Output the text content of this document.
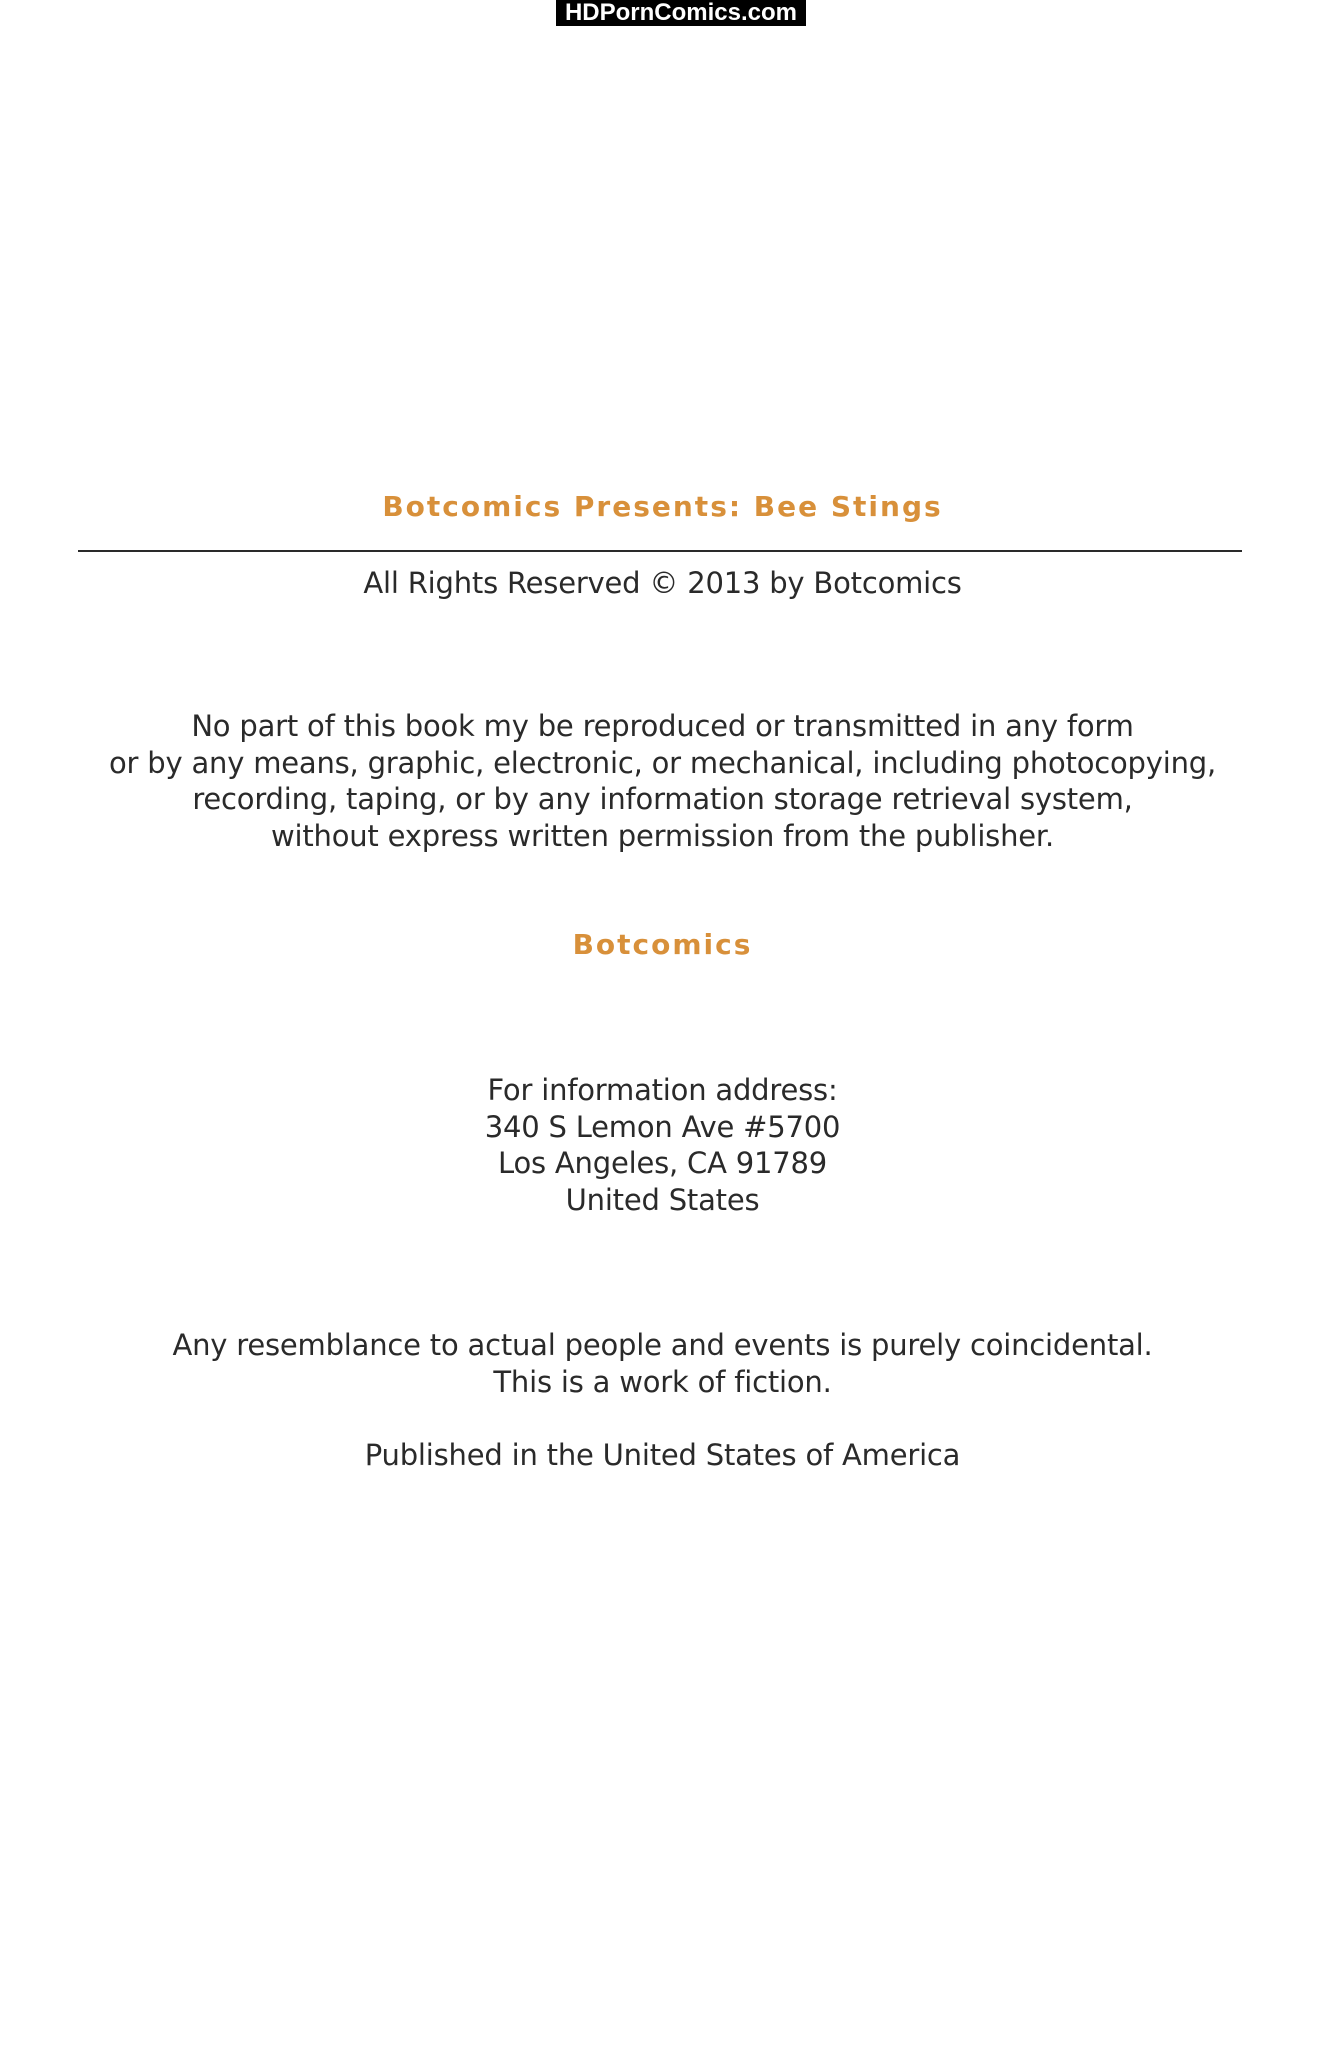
HDPornComics.com
Botcomics Presents: Bee Stings
All Rights Reserved © 2013 by Botcomics
No part of this book my be reproduced or transmitted in any form
or by any means, graphic, electronic, or mechanical, including photocopying,
recording, taping, or by any information storage retrieval system,
without express written permission from the publisher.
Botcomics
For information address:
340 S Lemon Ave #5700
Los Angeles, CA 91789
United States
Any resemblance to actual people and events is purely coincidental.
This is a work of fiction.
Published in the United States of America
